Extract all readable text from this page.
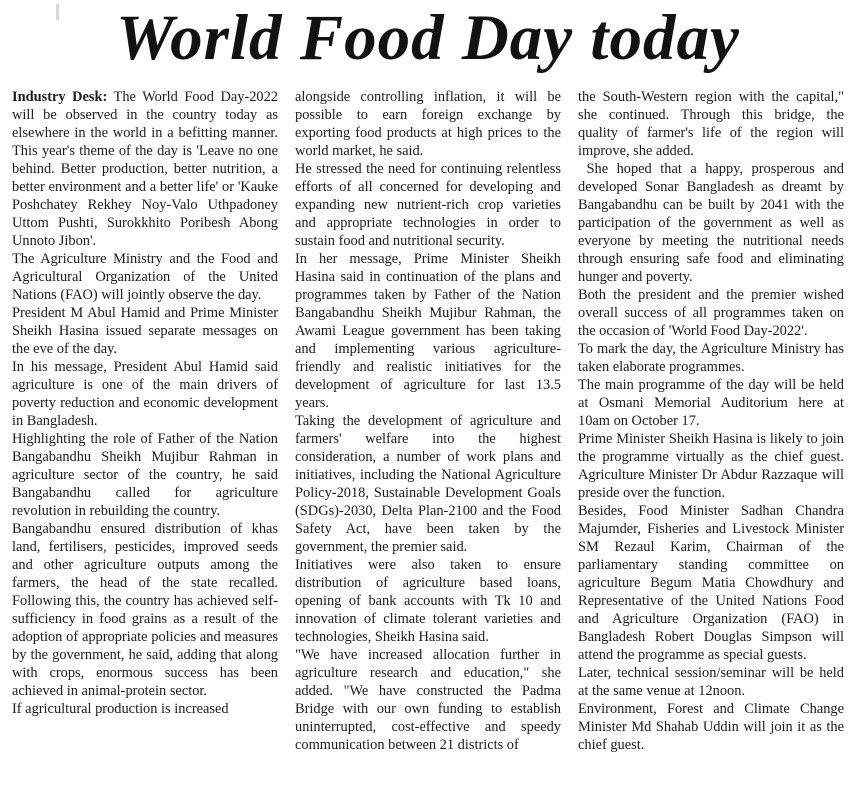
World Food Day today

Industry Desk: The World Food Day-2022 will be observed in the country today as elsewhere in the world in a befitting manner. This year's theme of the day is 'Leave no one behind. Better production, better nutrition, a better environment and a better life' or 'Kauke Poshchatey Rekhey Noy-Valo Uthpadoney Uttom Pushti, Surokkhito Poribesh Abong Unnoto Jibon'.

The Agriculture Ministry and the Food and Agricultural Organization of the United Nations (FAO) will jointly observe the day.

President M Abul Hamid and Prime Minister Sheikh Hasina issued separate messages on the eve of the day.

In his message, President Abul Hamid said agriculture is one of the main drivers of poverty reduction and economic development in Bangladesh.

Highlighting the role of Father of the Nation Bangabandhu Sheikh Mujibur Rahman in agriculture sector of the country, he said Bangabandhu called for agriculture revolution in rebuilding the country.

Bangabandhu ensured distribution of khas land, fertilisers, pesticides, improved seeds and other agriculture outputs among the farmers, the head of the state recalled. Following this, the country has achieved self-sufficiency in food grains as a result of the adoption of appropriate policies and measures by the government, he said, adding that along with crops, enormous success has been achieved in animal-protein sector.

If agricultural production is increased

alongside controlling inflation, it will be possible to earn foreign exchange by exporting food products at high prices to the world market, he said.

He stressed the need for continuing relentless efforts of all concerned for developing and expanding new nutrient-rich crop varieties and appropriate technologies in order to sustain food and nutritional security.

In her message, Prime Minister Sheikh Hasina said in continuation of the plans and programmes taken by Father of the Nation Bangabandhu Sheikh Mujibur Rahman, the Awami League government has been taking and implementing various agriculture-friendly and realistic initiatives for the development of agriculture for last 13.5 years.

Taking the development of agriculture and farmers' welfare into the highest consideration, a number of work plans and initiatives, including the National Agriculture Policy-2018, Sustainable Development Goals (SDGs)-2030, Delta Plan-2100 and the Food Safety Act, have been taken by the government, the premier said.

Initiatives were also taken to ensure distribution of agriculture based loans, opening of bank accounts with Tk 10 and innovation of climate tolerant varieties and technologies, Sheikh Hasina said.

"We have increased allocation further in agriculture research and education," she added. "We have constructed the Padma Bridge with our own funding to establish uninterrupted, cost-effective and speedy communication between 21 districts of

the South-Western region with the capital," she continued. Through this bridge, the quality of farmer's life of the region will improve, she added.

She hoped that a happy, prosperous and developed Sonar Bangladesh as dreamt by Bangabandhu can be built by 2041 with the participation of the government as well as everyone by meeting the nutritional needs through ensuring safe food and eliminating hunger and poverty.

Both the president and the premier wished overall success of all programmes taken on the occasion of 'World Food Day-2022'.

To mark the day, the Agriculture Ministry has taken elaborate programmes.

The main programme of the day will be held at Osmani Memorial Auditorium here at 10am on October 17.

Prime Minister Sheikh Hasina is likely to join the programme virtually as the chief guest. Agriculture Minister Dr Abdur Razzaque will preside over the function.

Besides, Food Minister Sadhan Chandra Majumder, Fisheries and Livestock Minister SM Rezaul Karim, Chairman of the parliamentary standing committee on agriculture Begum Matia Chowdhury and Representative of the United Nations Food and Agriculture Organization (FAO) in Bangladesh Robert Douglas Simpson will attend the programme as special guests.

Later, technical session/seminar will be held at the same venue at 12noon.

Environment, Forest and Climate Change Minister Md Shahab Uddin will join it as the chief guest.
